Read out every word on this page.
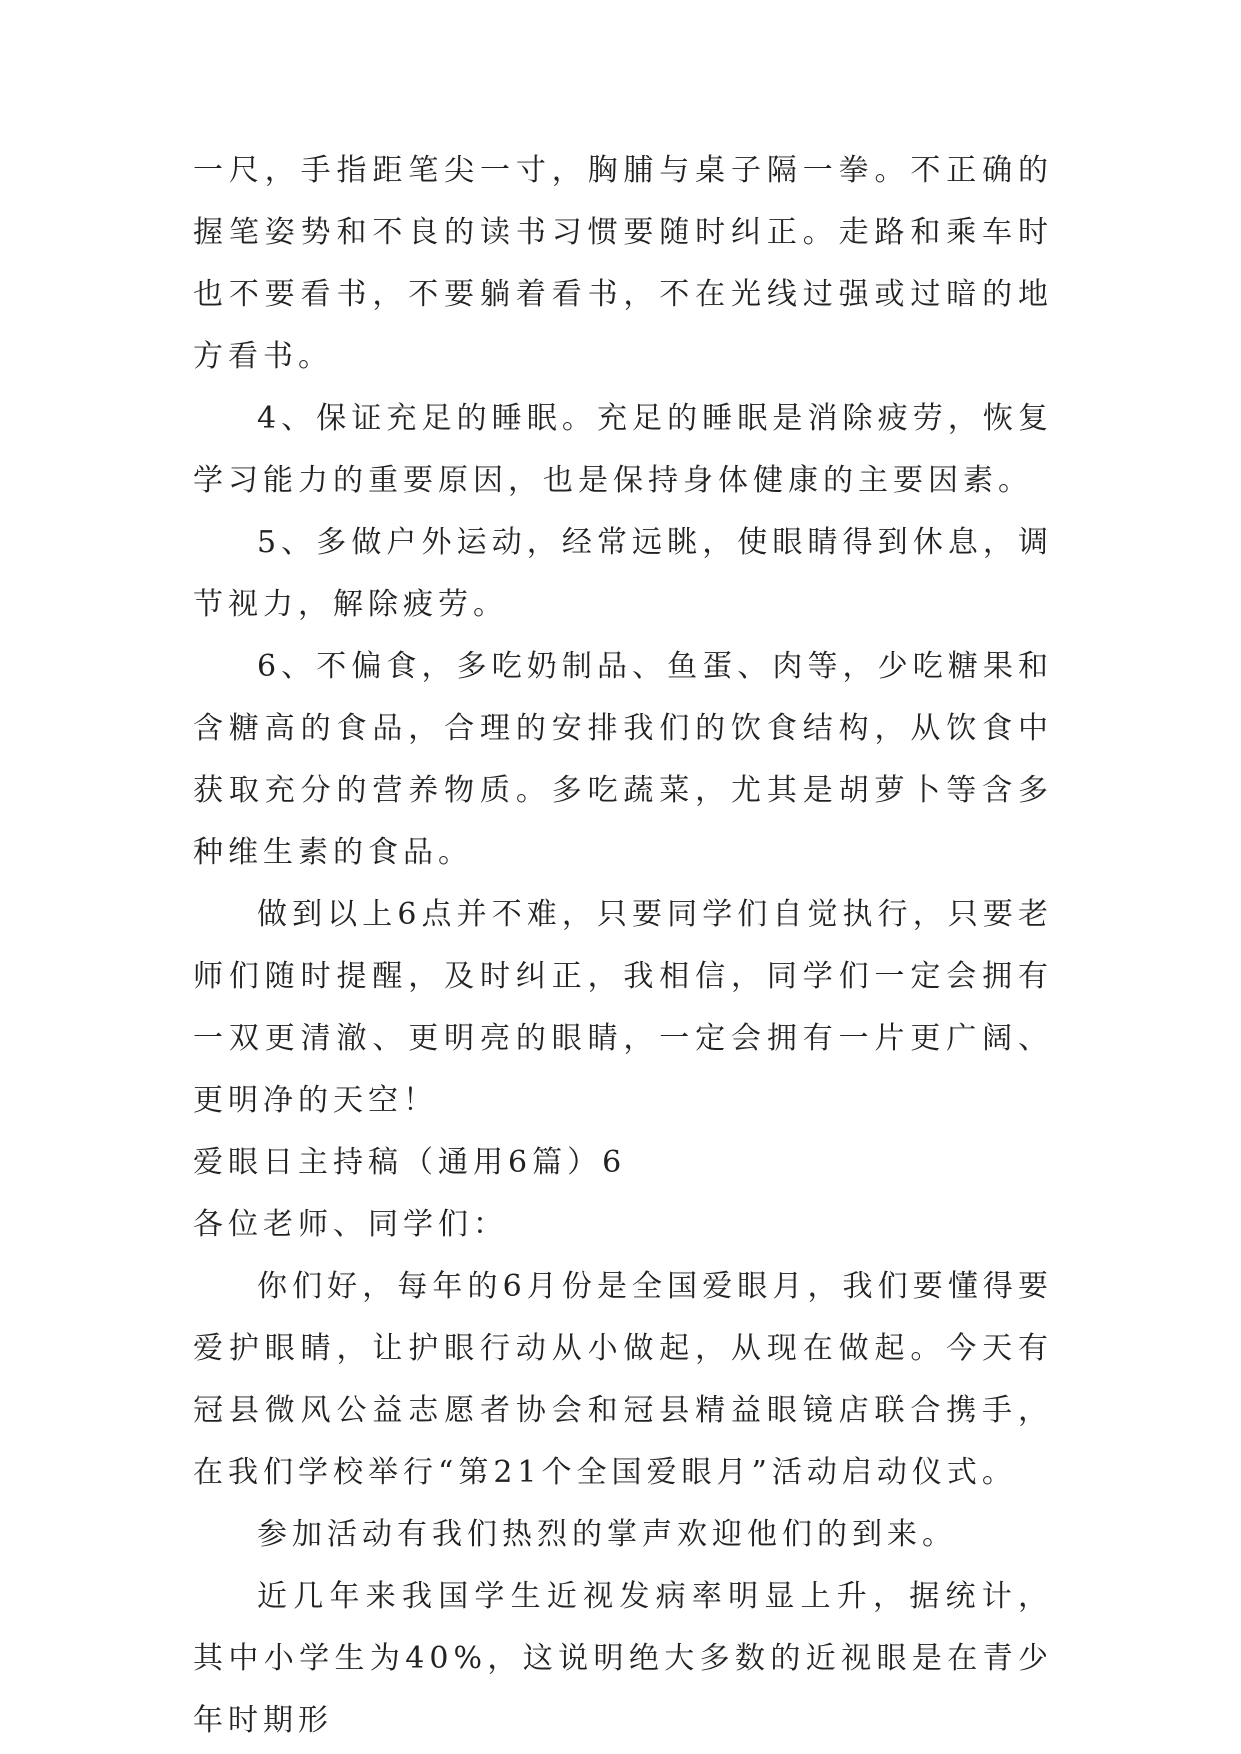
一尺，手指距笔尖一寸，胸脯与桌子隔一拳。不正确的握笔姿势和不良的读书习惯要随时纠正。走路和乘车时也不要看书，不要躺着看书，不在光线过强或过暗的地方看书。

4、保证充足的睡眠。充足的睡眠是消除疲劳，恢复学习能力的重要原因，也是保持身体健康的主要因素。

5、多做户外运动，经常远眺，使眼睛得到休息，调节视力，解除疲劳。

6、不偏食，多吃奶制品、鱼蛋、肉等，少吃糖果和含糖高的食品，合理的安排我们的饮食结构，从饮食中获取充分的营养物质。多吃蔬菜，尤其是胡萝卜等含多种维生素的食品。

做到以上6点并不难，只要同学们自觉执行，只要老师们随时提醒，及时纠正，我相信，同学们一定会拥有一双更清澈、更明亮的眼睛，一定会拥有一片更广阔、更明净的天空！

爱眼日主持稿（通用6篇）6

各位老师、同学们：

你们好，每年的6月份是全国爱眼月，我们要懂得要爱护眼睛，让护眼行动从小做起，从现在做起。今天有冠县微风公益志愿者协会和冠县精益眼镜店联合携手，在我们学校举行“第21个全国爱眼月”活动启动仪式。

参加活动有我们热烈的掌声欢迎他们的到来。

近几年来我国学生近视发病率明显上升，据统计，其中小学生为40%，这说明绝大多数的近视眼是在青少年时期形
